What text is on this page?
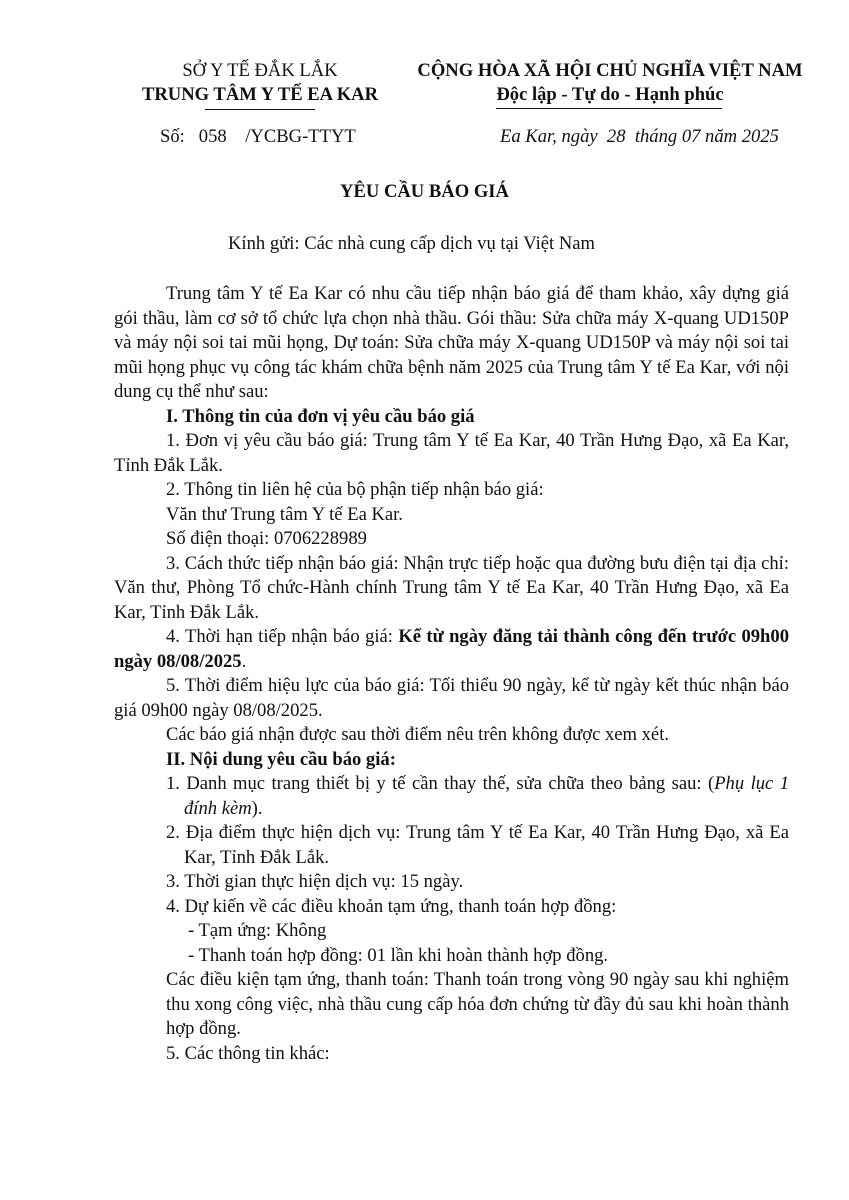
SỞ Y TẾ ĐẮK LẮK
TRUNG TÂM Y TẾ EA KAR
CỘNG HÒA XÃ HỘI CHỦ NGHĨA VIỆT NAM
Độc lập - Tự do - Hạnh phúc
Số: 058 /YCBG-TTYT	Ea Kar, ngày 28 tháng 07 năm 2025
YÊU CẦU BÁO GIÁ
Kính gửi: Các nhà cung cấp dịch vụ tại Việt Nam

Trung tâm Y tế Ea Kar có nhu cầu tiếp nhận báo giá để tham khảo, xây dựng giá gói thầu, làm cơ sở tổ chức lựa chọn nhà thầu. Gói thầu: Sửa chữa máy X-quang UD150P và máy nội soi tai mũi họng, Dự toán: Sửa chữa máy X-quang UD150P và máy nội soi tai mũi họng phục vụ công tác khám chữa bệnh năm 2025 của Trung tâm Y tế Ea Kar, với nội dung cụ thể như sau:

I. Thông tin của đơn vị yêu cầu báo giá

1. Đơn vị yêu cầu báo giá: Trung tâm Y tế Ea Kar, 40 Trần Hưng Đạo, xã Ea Kar, Tỉnh Đắk Lắk.

2. Thông tin liên hệ của bộ phận tiếp nhận báo giá:

Văn thư Trung tâm Y tế Ea Kar.

Số điện thoại: 0706228989

3. Cách thức tiếp nhận báo giá: Nhận trực tiếp hoặc qua đường bưu điện tại địa chỉ: Văn thư, Phòng Tổ chức-Hành chính Trung tâm Y tế Ea Kar, 40 Trần Hưng Đạo, xã Ea Kar, Tỉnh Đắk Lắk.

4. Thời hạn tiếp nhận báo giá: Kể từ ngày đăng tải thành công đến trước 09h00 ngày 08/08/2025.

5. Thời điểm hiệu lực của báo giá: Tối thiểu 90 ngày, kể từ ngày kết thúc nhận báo giá 09h00 ngày 08/08/2025.

Các báo giá nhận được sau thời điểm nêu trên không được xem xét.

II. Nội dung yêu cầu báo giá:

1. Danh mục trang thiết bị y tế cần thay thế, sửa chữa theo bảng sau: (Phụ lục 1 đính kèm).

2. Địa điểm thực hiện dịch vụ: Trung tâm Y tế Ea Kar, 40 Trần Hưng Đạo, xã Ea Kar, Tỉnh Đắk Lắk.

3. Thời gian thực hiện dịch vụ: 15 ngày.

4. Dự kiến về các điều khoản tạm ứng, thanh toán hợp đồng:

- Tạm ứng: Không

- Thanh toán hợp đồng: 01 lần khi hoàn thành hợp đồng.

Các điều kiện tạm ứng, thanh toán: Thanh toán trong vòng 90 ngày sau khi nghiệm thu xong công việc, nhà thầu cung cấp hóa đơn chứng từ đầy đủ sau khi hoàn thành hợp đồng.

5. Các thông tin khác:
